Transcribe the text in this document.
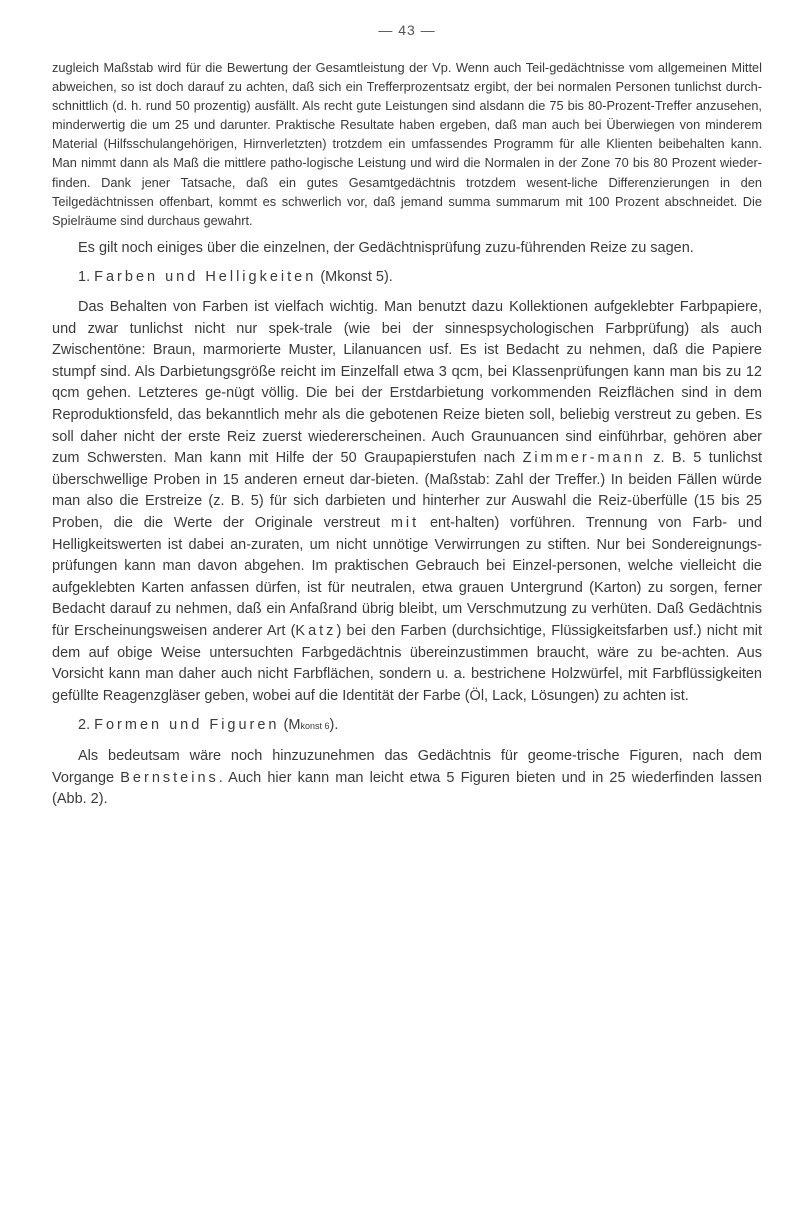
— 43 —

zugleich Maßstab wird für die Bewertung der Gesamtleistung der Vp. Wenn auch Teil-gedächtnisse vom allgemeinen Mittel abweichen, so ist doch darauf zu achten, daß sich ein Trefferprozentsatz ergibt, der bei normalen Personen tunlichst durch-schnittlich (d. h. rund 50 prozentig) ausfällt. Als recht gute Leistungen sind alsdann die 75 bis 80-Prozent-Treffer anzusehen, minderwertig die um 25 und darunter. Praktische Resultate haben ergeben, daß man auch bei Überwiegen von minderem Material (Hilfsschulangehörigen, Hirnverletzten) trotzdem ein umfassendes Programm für alle Klienten beibehalten kann. Man nimmt dann als Maß die mittlere patho-logische Leistung und wird die Normalen in der Zone 70 bis 80 Prozent wieder-finden. Dank jener Tatsache, daß ein gutes Gesamtgedächtnis trotzdem wesent-liche Differenzierungen in den Teilgedächtnissen offenbart, kommt es schwerlich vor, daß jemand summa summarum mit 100 Prozent abschneidet. Die Spielräume sind durchaus gewahrt.

Es gilt noch einiges über die einzelnen, der Gedächtnisprüfung zuzu-führenden Reize zu sagen.

1. Farben und Helligkeiten (Mkonst 5).

Das Behalten von Farben ist vielfach wichtig. Man benutzt dazu Kollektionen aufgeklebter Farbpapiere, und zwar tunlichst nicht nur spek-trale (wie bei der sinnespsychologischen Farbprüfung) als auch Zwischentöne: Braun, marmorierte Muster, Lilanuancen usf. Es ist Bedacht zu nehmen, daß die Papiere stumpf sind. Als Darbietungsgröße reicht im Einzelfall etwa 3 qcm, bei Klassenprüfungen kann man bis zu 12 qcm gehen. Letzteres ge-nügt völlig. Die bei der Erstdarbietung vorkommenden Reizflächen sind in dem Reproduktionsfeld, das bekanntlich mehr als die gebotenen Reize bieten soll, beliebig verstreut zu geben. Es soll daher nicht der erste Reiz zuerst wiedererscheinen. Auch Graunuancen sind einführbar, gehören aber zum Schwersten. Man kann mit Hilfe der 50 Graupapierstufen nach Zimmer-mann z. B. 5 tunlichst überschwellige Proben in 15 anderen erneut dar-bieten. (Maßstab: Zahl der Treffer.) In beiden Fällen würde man also die Erstreize (z. B. 5) für sich darbieten und hinterher zur Auswahl die Reiz-überfülle (15 bis 25 Proben, die die Werte der Originale verstreut mit ent-halten) vorführen. Trennung von Farb- und Helligkeitswerten ist dabei an-zuraten, um nicht unnötige Verwirrungen zu stiften. Nur bei Sondereignungs-prüfungen kann man davon abgehen. Im praktischen Gebrauch bei Einzel-personen, welche vielleicht die aufgeklebten Karten anfassen dürfen, ist für neutralen, etwa grauen Untergrund (Karton) zu sorgen, ferner Bedacht darauf zu nehmen, daß ein Anfaßrand übrig bleibt, um Verschmutzung zu verhüten. Daß Gedächtnis für Erscheinungsweisen anderer Art (Katz) bei den Farben (durchsichtige, Flüssigkeitsfarben usf.) nicht mit dem auf obige Weise untersuchten Farbgedächtnis übereinzustimmen braucht, wäre zu be-achten. Aus Vorsicht kann man daher auch nicht Farbflächen, sondern u. a. bestrichene Holzwürfel, mit Farbflüssigkeiten gefüllte Reagenzgläser geben, wobei auf die Identität der Farbe (Öl, Lack, Lösungen) zu achten ist.

2. Formen und Figuren (Mkonst 6).

Als bedeutsam wäre noch hinzuzunehmen das Gedächtnis für geome-trische Figuren, nach dem Vorgange Bernsteins. Auch hier kann man leicht etwa 5 Figuren bieten und in 25 wiederfinden lassen (Abb. 2).
